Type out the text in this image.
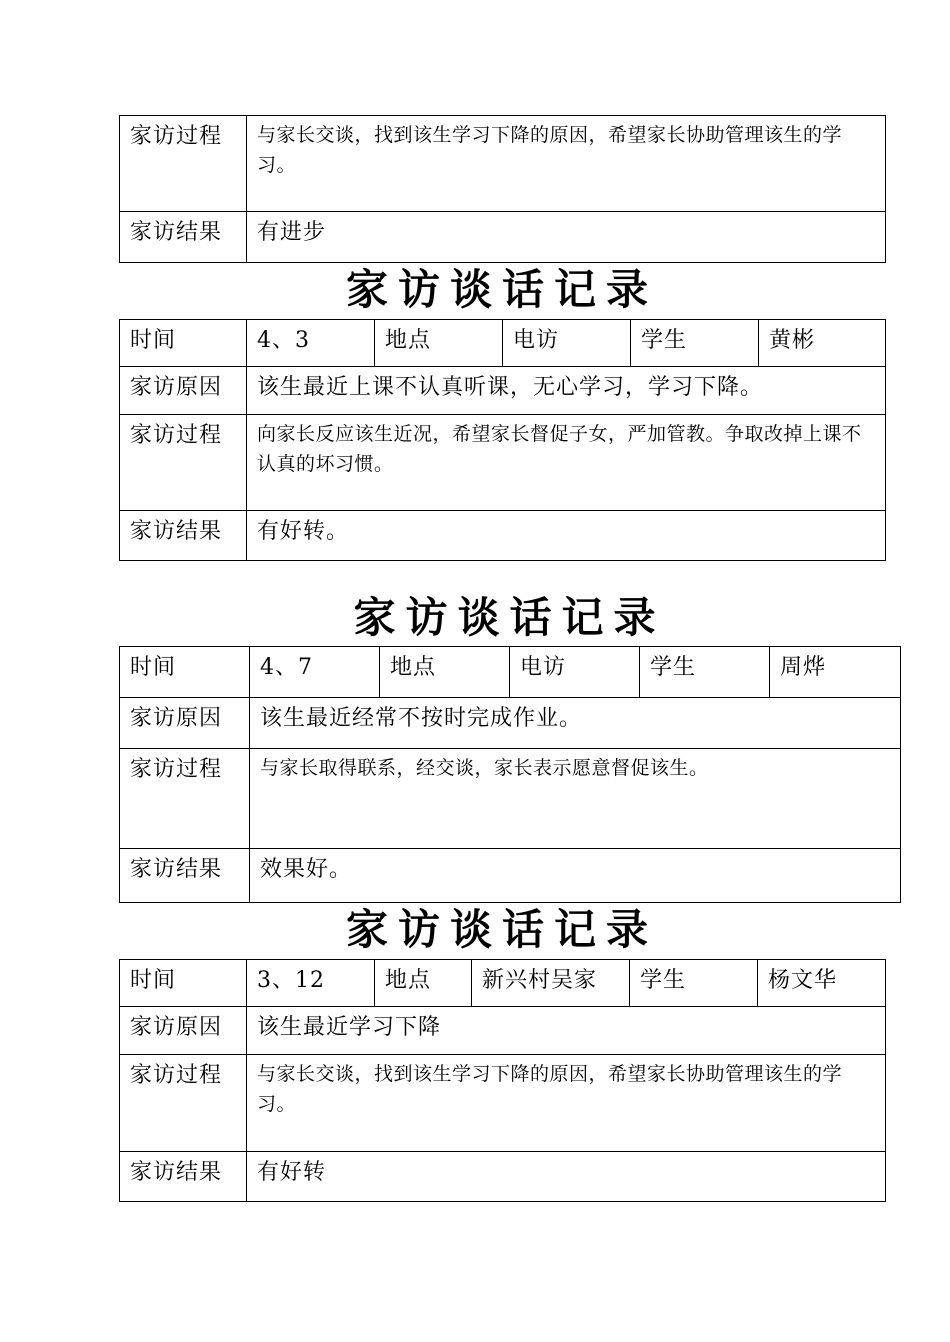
家访过程	与家长交谈，找到该生学习下降的原因，希望家长协助管理该生的学习。
家访结果	有进步
家访谈话记录
时间	4、3	地点	电访	学生	黄彬
家访原因	该生最近上课不认真听课，无心学习，学习下降。				
家访过程	向家长反应该生近况，希望家长督促子女，严加管教。争取改掉上课不认真的坏习惯。				
家访结果	有好转。				
家访谈话记录
时间	4、7	地点	电访	学生	周烨
家访原因	该生最近经常不按时完成作业。				
家访过程	与家长取得联系，经交谈，家长表示愿意督促该生。				
家访结果	效果好。				
家访谈话记录
时间	3、12	地点	新兴村吴家	学生	杨文华
家访原因	该生最近学习下降				
家访过程	与家长交谈，找到该生学习下降的原因，希望家长协助管理该生的学习。				
家访结果	有好转				
